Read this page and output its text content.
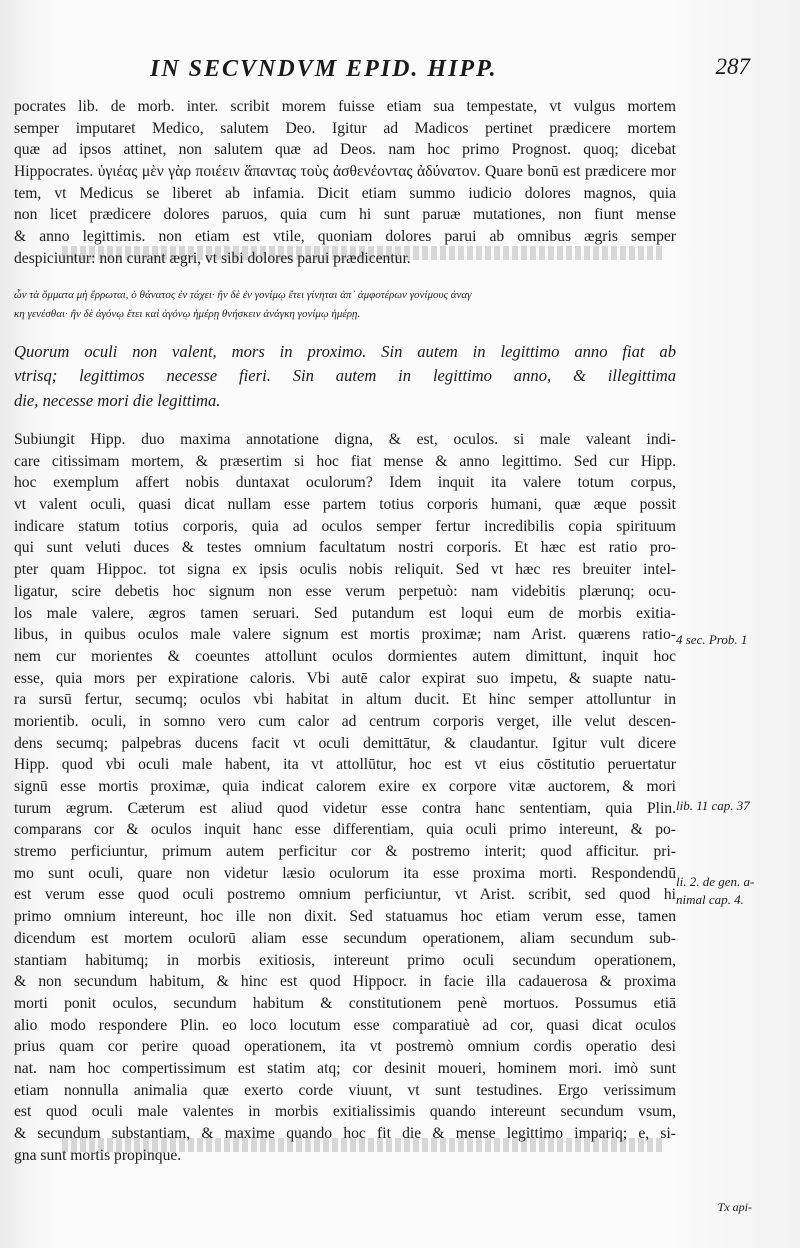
IN SECVNDVM EPID. HIPP.	287
pocrates lib. de morb. inter. scribit morem fuisse etiam sua tempestate, vt vulgus mortem
semper imputaret Medico, salutem Deo. Igitur ad Madicos pertinet prædicere mortem
quæ ad ipsos attinet, non salutem quæ ad Deos. nam hoc primo Prognost. quoq; dicebat
Hippocrates. ὑγιέας μὲν γὰρ ποιέειν ἅπαντας τοὺς ἀσθενέοντας ἀδύνατον. Quare bonū est prædicere mor
tem, vt Medicus se liberet ab infamia. Dicit etiam summo iudicio dolores magnos, quia
non licet prædicere dolores paruos, quia cum hi sunt paruæ mutationes, non fiunt mense
& anno legittimis. non etiam est vtile, quoniam dolores parui ab omnibus ægris semper
despiciuntur: non curant ægri, vt sibi dolores parui prædicentur.
ὧν τὰ ὄμματα μὴ ἔρρωται, ὁ θάνατος ἐν τάχει· ἢν δὲ ἐν γονίμῳ ἔτει γίνηται ἀπ᾽ ἀμφοτέρων γονίμους ἀναγ
κη γενέσθαι· ἢν δὲ ἀγόνῳ ἔτει καὶ ἀγόνῳ ἡμέρῃ θνήσκειν ἀνάγκη γονίμῳ ἡμέρῃ.
Quorum oculi non valent, mors in proximo. Sin autem in legittimo anno fiat ab
vtrisq; legittimos necesse fieri. Sin autem in legittimo anno, & illegittima
die, necesse mori die legittima.
Subiungit Hipp. duo maxima annotatione digna, & est, oculos. si male valeant indi-
care citissimam mortem, & præsertim si hoc fiat mense & anno legittimo. Sed cur Hipp.
hoc exemplum affert nobis duntaxat oculorum? Idem inquit ita valere totum corpus,
vt valent oculi, quasi dicat nullam esse partem totius corporis humani, quæ æque possit
indicare statum totius corporis, quia ad oculos semper fertur incredibilis copia spirituum
qui sunt veluti duces & testes omnium facultatum nostri corporis. Et hæc est ratio pro-
pter quam Hippoc. tot signa ex ipsis oculis nobis reliquit. Sed vt hæc res breuiter intel-
ligatur, scire debetis hoc signum non esse verum perpetuò: nam videbitis plærunq; ocu-
los male valere, ægros tamen seruari. Sed putandum est loqui eum de morbis exitia-
libus, in quibus oculos male valere signum est mortis proximæ; nam Arist. quærens ratio-
nem cur morientes & coeuntes attollunt oculos dormientes autem dimittunt, inquit hoc
esse, quia mors per expiratione caloris. Vbi autē calor expirat suo impetu, & suapte natu-
ra sursū fertur, secumq; oculos vbi habitat in altum ducit. Et hinc semper attolluntur in
morientib. oculi, in somno vero cum calor ad centrum corporis verget, ille velut descen-
dens secumq; palpebras ducens facit vt oculi demittātur, & claudantur. Igitur vult dicere
Hipp. quod vbi oculi male habent, ita vt attollūtur, hoc est vt eius cōstitutio peruertatur
signū esse mortis proximæ, quia indicat calorem exire ex corpore vitæ auctorem, & mori
turum ægrum. Cæterum est aliud quod videtur esse contra hanc sententiam, quia Plin.
comparans cor & oculos inquit hanc esse differentiam, quia oculi primo intereunt, & po-
stremo perficiuntur, primum autem perficitur cor & postremo interit; quod afficitur. pri-
mo sunt oculi, quare non videtur læsio oculorum ita esse proxima morti. Respondendū
est verum esse quod oculi postremo omnium perficiuntur, vt Arist. scribit, sed quod hi
primo omnium intereunt, hoc ille non dixit. Sed statuamus hoc etiam verum esse, tamen
dicendum est mortem oculorū aliam esse secundum operationem, aliam secundum sub-
stantiam habitumq; in morbis exitiosis, intereunt primo oculi secundum operationem,
& non secundum habitum, & hinc est quod Hippocr. in facie illa cadauerosa & proxima
morti ponit oculos, secundum habitum & constitutionem penè mortuos. Possumus etiā
alio modo respondere Plin. eo loco locutum esse comparatiuè ad cor, quasi dicat oculos
prius quam cor perire quoad operationem, ita vt postremò omnium cordis operatio desi
nat. nam hoc compertissimum est statim atq; cor desinit moueri, hominem mori. imò sunt
etiam nonnulla animalia quæ exerto corde viuunt, vt sunt testudines. Ergo verissimum
est quod oculi male valentes in morbis exitialissimis quando intereunt secundum vsum,
& secundum substantiam, & maxime quando hoc fit die & mense legittimo impariq; e, si-
gna sunt mortis propinque.
4 sec. Prob. 1
lib. 11 cap. 37
li. 2. de gen. a-
nimal cap. 4.
Tx api-
